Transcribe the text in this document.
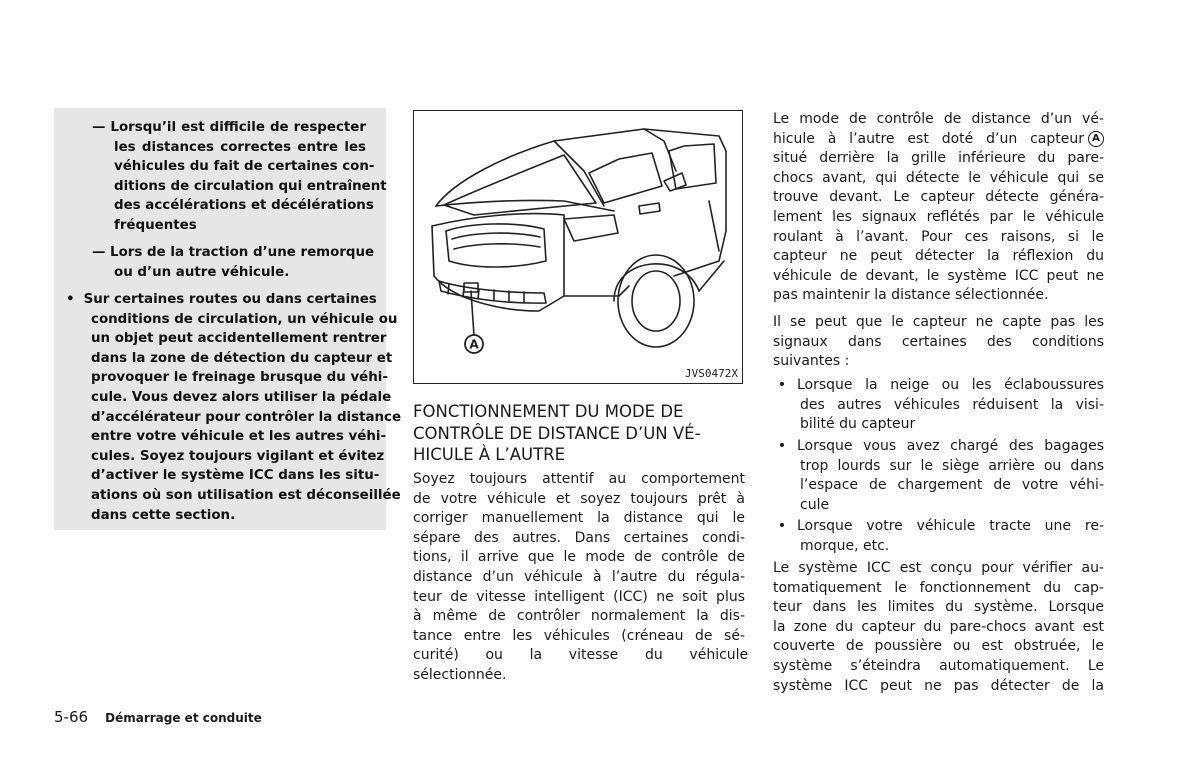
— Lorsqu’il est difficile de respecter
les distances correctes entre les
véhicules du fait de certaines con-
ditions de circulation qui entraînent
des accélérations et décélérations
fréquentes
— Lors de la traction d’une remorque
ou d’un autre véhicule.
• Sur certaines routes ou dans certaines
conditions de circulation, un véhicule ou
un objet peut accidentellement rentrer
dans la zone de détection du capteur et
provoquer le freinage brusque du véhi-
cule. Vous devez alors utiliser la pédale
d’accélérateur pour contrôler la distance
entre votre véhicule et les autres véhi-
cules. Soyez toujours vigilant et évitez
d’activer le système ICC dans les situ-
ations où son utilisation est déconseillée
dans cette section.
A
JVS0472X
FONCTIONNEMENT DU MODE DE
CONTRÔLE DE DISTANCE D’UN VÉ-
HICULE À L’AUTRE
Soyez toujours attentif au comportement
de votre véhicule et soyez toujours prêt à
corriger manuellement la distance qui le
sépare des autres. Dans certaines condi-
tions, il arrive que le mode de contrôle de
distance d’un véhicule à l’autre du régula-
teur de vitesse intelligent (ICC) ne soit plus
à même de contrôler normalement la dis-
tance entre les véhicules (créneau de sé-
curité)      ou      la      vitesse      du      véhicule
sélectionnée.
Le mode de contrôle de distance d’un vé-
hicule à l’autre est doté d’un capteur A
situé derrière la grille inférieure du pare-
chocs avant, qui détecte le véhicule qui se
trouve devant. Le capteur détecte généra-
lement les signaux reflétés par le véhicule
roulant à l’avant. Pour ces raisons, si le
capteur ne peut détecter la réflexion du
véhicule de devant, le système ICC peut ne
pas maintenir la distance sélectionnée.
Il se peut que le capteur ne capte pas les
signaux dans certaines des conditions
suivantes :
• Lorsque la neige ou les éclaboussures
des autres véhicules réduisent la visi-
bilité du capteur
• Lorsque vous avez chargé des bagages
trop lourds sur le siège arrière ou dans
l’espace de chargement de votre véhi-
cule
• Lorsque votre véhicule tracte une re-
morque, etc.
Le système ICC est conçu pour vérifier au-
tomatiquement le fonctionnement du cap-
teur dans les limites du système. Lorsque
la zone du capteur du pare-chocs avant est
couverte de poussière ou est obstruée, le
système s’éteindra automatiquement. Le
système ICC peut ne pas détecter de la
5-66 Démarrage et conduite
